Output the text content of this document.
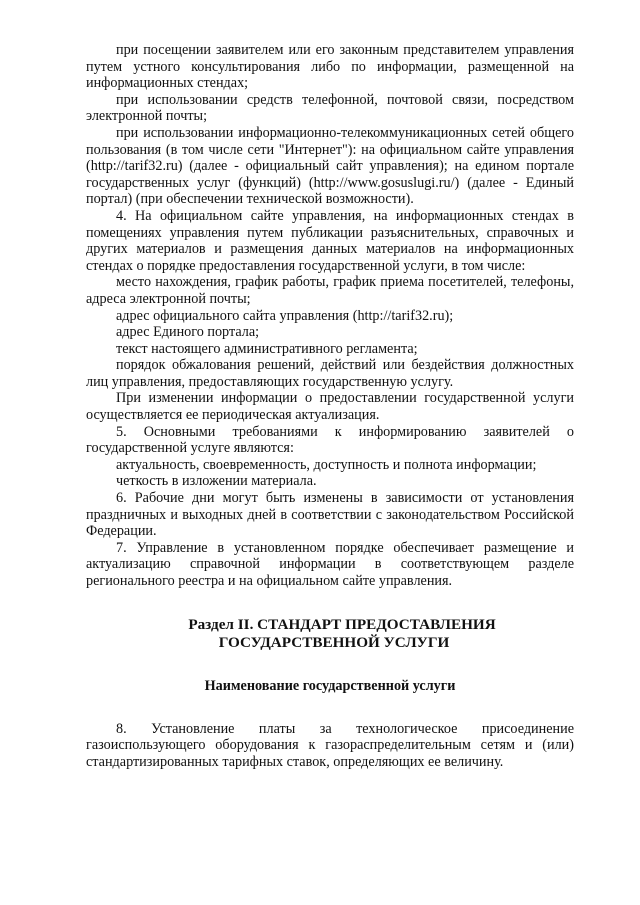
при посещении заявителем или его законным представителем управления путем устного консультирования либо по информации, размещенной на информационных стендах;

при использовании средств телефонной, почтовой связи, посредством электронной почты;

при использовании информационно-телекоммуникационных сетей общего пользования (в том числе сети "Интернет"): на официальном сайте управления (http://tarif32.ru) (далее - официальный сайт управления); на едином портале государственных услуг (функций) (http://www.gosuslugi.ru/) (далее - Единый портал) (при обеспечении технической возможности).

4. На официальном сайте управления, на информационных стендах в помещениях управления путем публикации разъяснительных, справочных и других материалов и размещения данных материалов на информационных стендах о порядке предоставления государственной услуги, в том числе:

место нахождения, график работы, график приема посетителей, телефоны, адреса электронной почты;

адрес официального сайта управления (http://tarif32.ru);

адрес Единого портала;

текст настоящего административного регламента;

порядок обжалования решений, действий или бездействия должностных лиц управления, предоставляющих государственную услугу.

При изменении информации о предоставлении государственной услуги осуществляется ее периодическая актуализация.

5. Основными требованиями к информированию заявителей о государственной услуге являются:

актуальность, своевременность, доступность и полнота информации;

четкость в изложении материала.

6. Рабочие дни могут быть изменены в зависимости от установления праздничных и выходных дней в соответствии с законодательством Российской Федерации.

7. Управление в установленном порядке обеспечивает размещение и актуализацию справочной информации в соответствующем разделе регионального реестра и на официальном сайте управления.

Раздел II. СТАНДАРТ ПРЕДОСТАВЛЕНИЯ
ГОСУДАРСТВЕННОЙ УСЛУГИ
Наименование государственной услуги

8. Установление платы за технологическое присоединение газоиспользующего оборудования к газораспределительным сетям и (или) стандартизированных тарифных ставок, определяющих ее величину.
